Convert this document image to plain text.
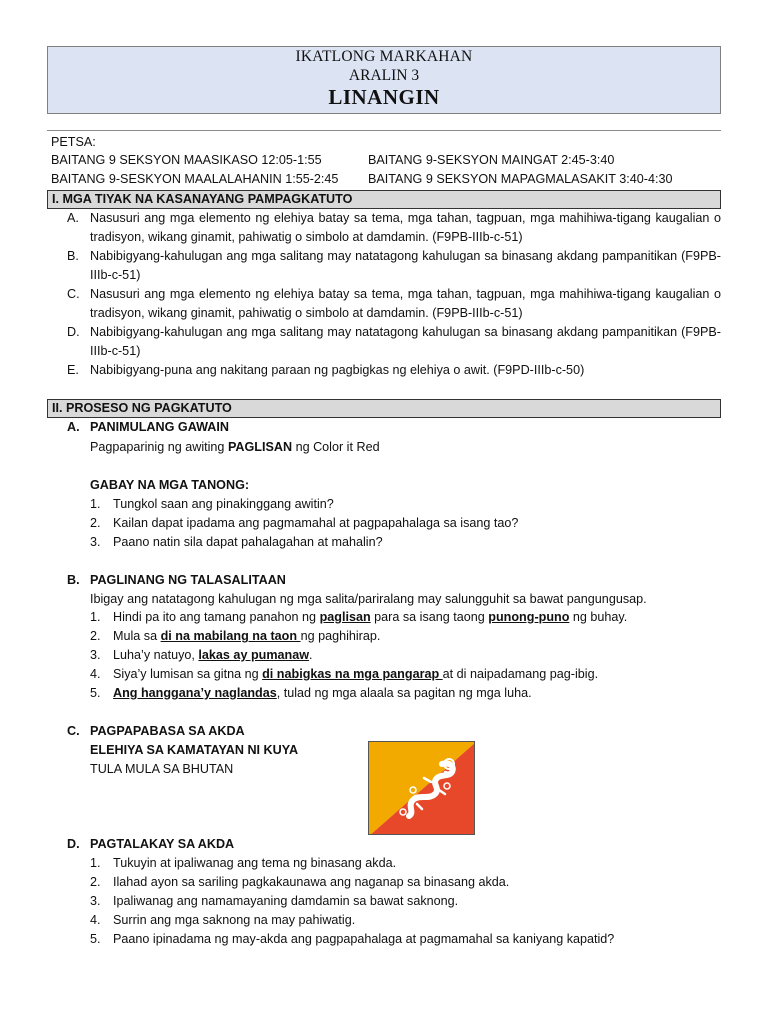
IKATLONG MARKAHAN
ARALIN 3
LINANGIN
PETSA:
BAITANG 9 SEKSYON MAASIKASO 12:05-1:55	BAITANG 9-SEKSYON MAINGAT 2:45-3:40
BAITANG 9-SESKYON MAALALAHANIN 1:55-2:45 BAITANG 9 SEKSYON MAPAGMALASAKIT 3:40-4:30
I. MGA TIYAK NA KASANAYANG PAMPAGKATUTO
A. Nasusuri ang mga elemento ng elehiya batay sa tema, mga tahan, tagpuan, mga mahihiwa-tigang kaugalian o tradisyon, wikang ginamit, pahiwatig o simbolo at damdamin. (F9PB-IIIb-c-51)
B. Nabibigyang-kahulugan ang mga salitang may natatagong kahulugan sa binasang akdang pampanitikan (F9PB-IIIb-c-51)
C. Nasusuri ang mga elemento ng elehiya batay sa tema, mga tahan, tagpuan, mga mahihiwa-tigang kaugalian o tradisyon, wikang ginamit, pahiwatig o simbolo at damdamin. (F9PB-IIIb-c-51)
D. Nabibigyang-kahulugan ang mga salitang may natatagong kahulugan sa binasang akdang pampanitikan (F9PB-IIIb-c-51)
E. Nabibigyang-puna ang nakitang paraan ng pagbigkas ng elehiya o awit. (F9PD-IIIb-c-50)
II. PROSESO NG PAGKATUTO
A. PANIMULANG GAWAIN
Pagpaparinig ng awiting PAGLISAN ng Color it Red
GABAY NA MGA TANONG:
1. Tungkol saan ang pinakinggang awitin?
2. Kailan dapat ipadama ang pagmamahal at pagpapahalaga sa isang tao?
3. Paano natin sila dapat pahalagahan at mahalin?
B. PAGLINANG NG TALASALITAAN
Ibigay ang natatagong kahulugan ng mga salita/pariralang may salungguhit sa bawat pangungusap.
1. Hindi pa ito ang tamang panahon ng paglisan para sa isang taong punong-puno ng buhay.
2. Mula sa di na mabilang na taon ng paghihirap.
3. Luha’y natuyo, lakas ay pumanaw.
4. Siya’y lumisan sa gitna ng di nabigkas na mga pangarap at di naipadamang pag-ibig.
5. Ang hanggana’y naglandas, tulad ng mga alaala sa pagitan ng mga luha.
C. PAGPAPABASA SA AKDA
ELEHIYA SA KAMATAYAN NI KUYA
TULA MULA SA BHUTAN
D. PAGTALAKAY SA AKDA
1. Tukuyin at ipaliwanag ang tema ng binasang akda.
2. Ilahad ayon sa sariling pagkakaunawa ang naganap sa binasang akda.
3. Ipaliwanag ang namamayaning damdamin sa bawat saknong.
4. Surrin ang mga saknong na may pahiwatig.
5. Paano ipinadama ng may-akda ang pagpapahalaga at pagmamahal sa kaniyang kapatid?
